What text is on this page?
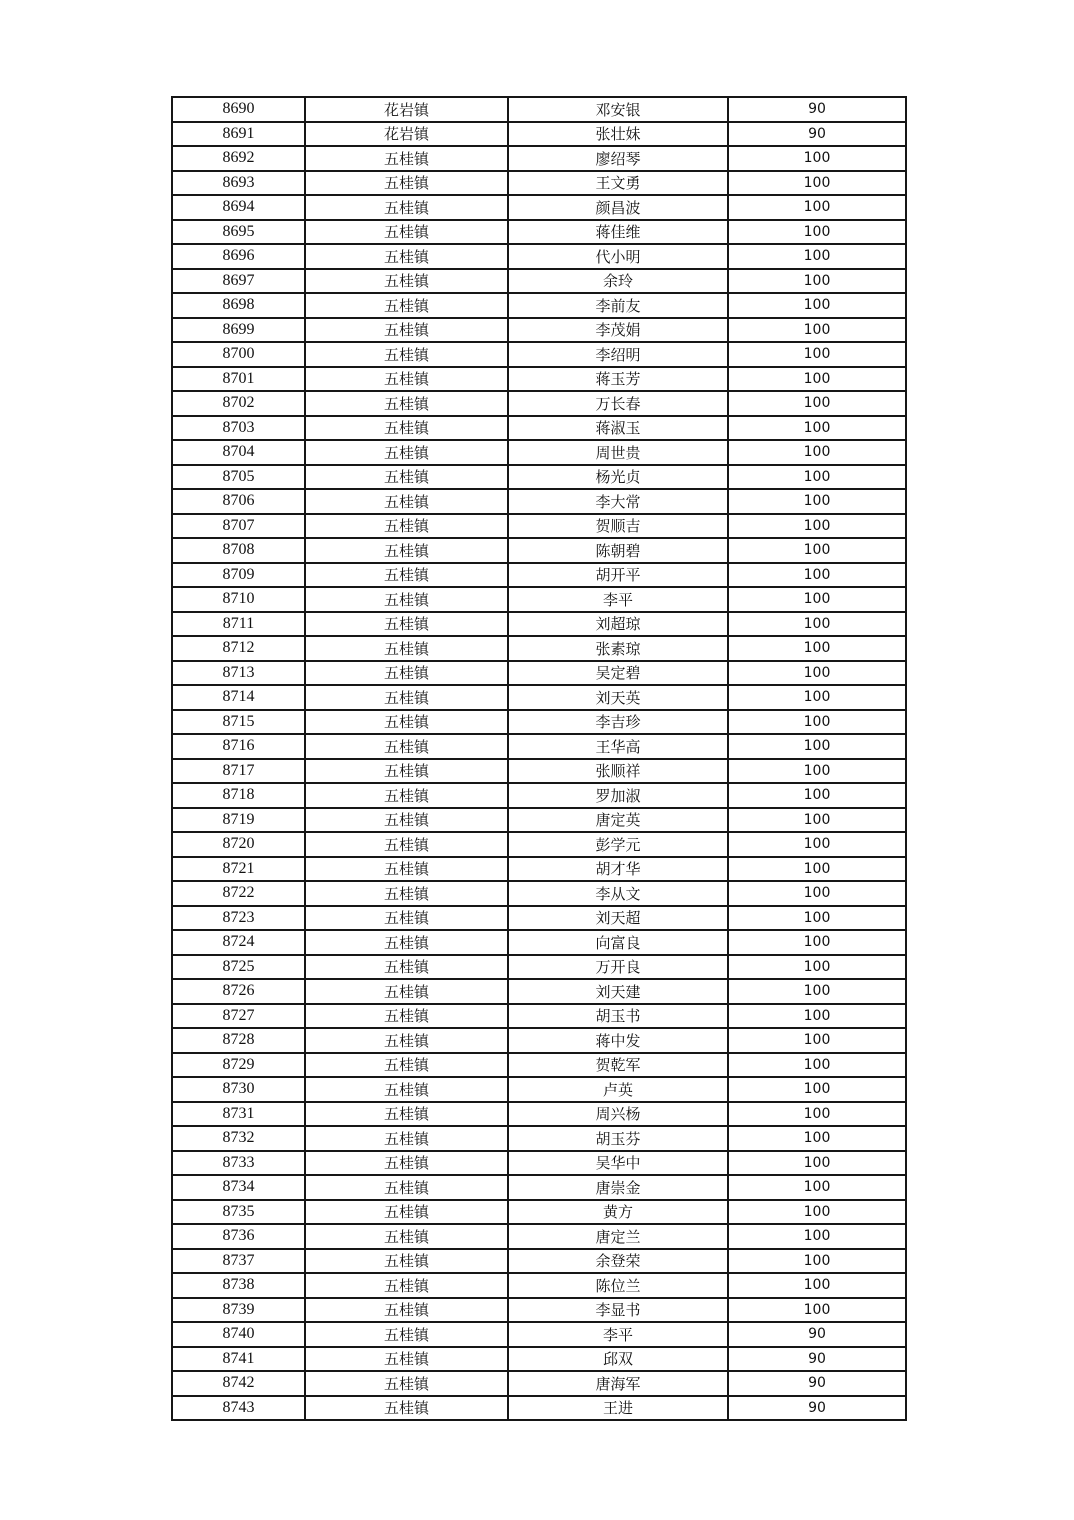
8690	花岩镇	邓安银	90
8691	花岩镇	张壮妹	90
8692	五桂镇	廖绍琴	100
8693	五桂镇	王文勇	100
8694	五桂镇	颜昌波	100
8695	五桂镇	蒋佳维	100
8696	五桂镇	代小明	100
8697	五桂镇	余玲	100
8698	五桂镇	李前友	100
8699	五桂镇	李茂娟	100
8700	五桂镇	李绍明	100
8701	五桂镇	蒋玉芳	100
8702	五桂镇	万长春	100
8703	五桂镇	蒋淑玉	100
8704	五桂镇	周世贵	100
8705	五桂镇	杨光贞	100
8706	五桂镇	李大常	100
8707	五桂镇	贺顺吉	100
8708	五桂镇	陈朝碧	100
8709	五桂镇	胡开平	100
8710	五桂镇	李平	100
8711	五桂镇	刘超琼	100
8712	五桂镇	张素琼	100
8713	五桂镇	吴定碧	100
8714	五桂镇	刘天英	100
8715	五桂镇	李吉珍	100
8716	五桂镇	王华高	100
8717	五桂镇	张顺祥	100
8718	五桂镇	罗加淑	100
8719	五桂镇	唐定英	100
8720	五桂镇	彭学元	100
8721	五桂镇	胡才华	100
8722	五桂镇	李从文	100
8723	五桂镇	刘天超	100
8724	五桂镇	向富良	100
8725	五桂镇	万开良	100
8726	五桂镇	刘天建	100
8727	五桂镇	胡玉书	100
8728	五桂镇	蒋中发	100
8729	五桂镇	贺乾军	100
8730	五桂镇	卢英	100
8731	五桂镇	周兴杨	100
8732	五桂镇	胡玉芬	100
8733	五桂镇	吴华中	100
8734	五桂镇	唐崇金	100
8735	五桂镇	黄方	100
8736	五桂镇	唐定兰	100
8737	五桂镇	余登荣	100
8738	五桂镇	陈位兰	100
8739	五桂镇	李显书	100
8740	五桂镇	李平	90
8741	五桂镇	邱双	90
8742	五桂镇	唐海军	90
8743	五桂镇	王进	90
